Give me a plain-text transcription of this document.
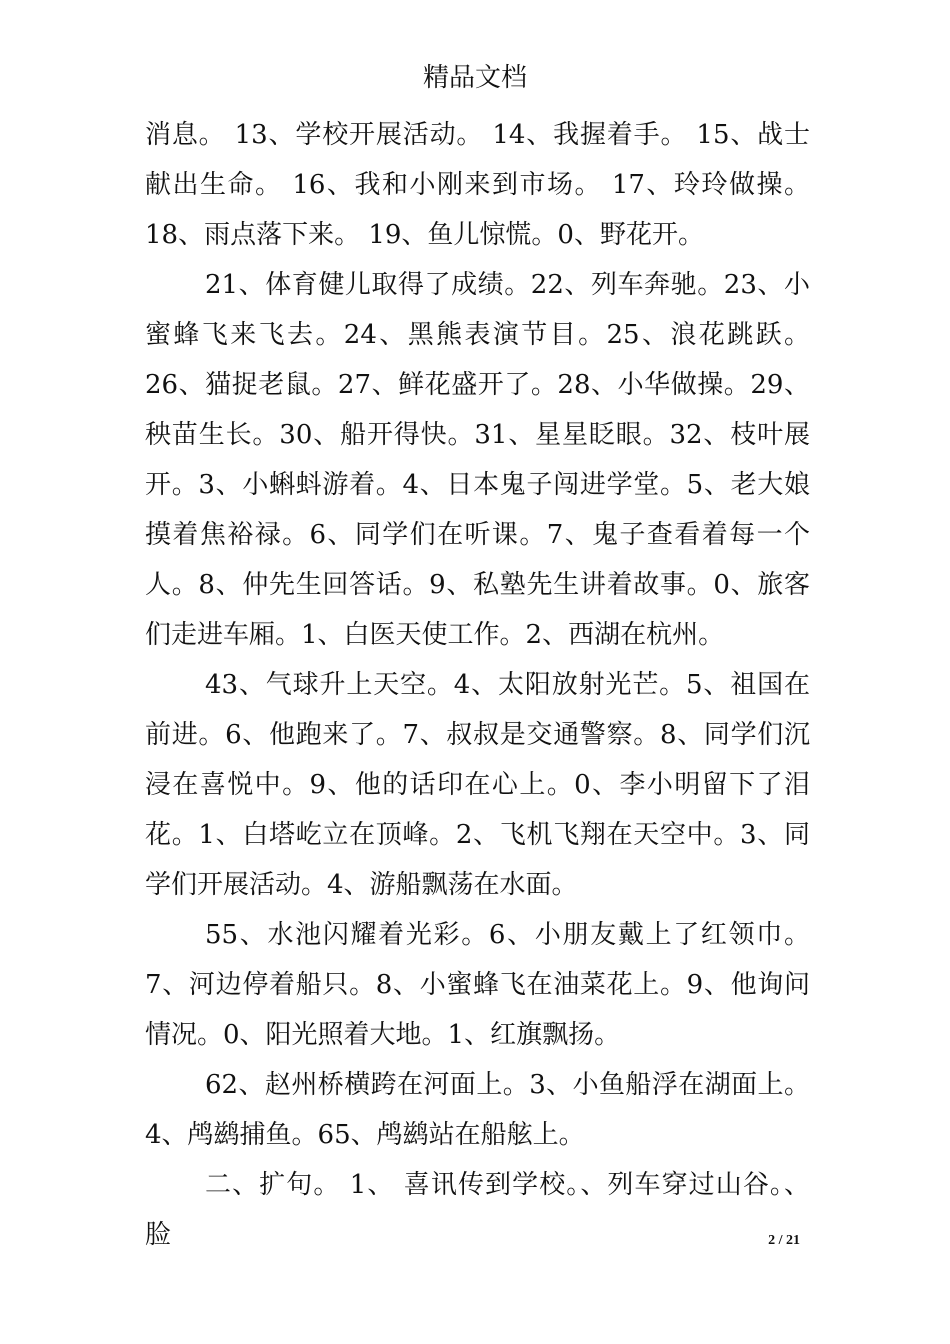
精品文档

消息。 13、学校开展活动。 14、我握着手。 15、战士献出生命。 16、我和小刚来到市场。 17、玲玲做操。 18、雨点落下来。 19、鱼儿惊慌。0、野花开。

21、体育健儿取得了成绩。22、列车奔驰。23、小蜜蜂飞来飞去。24、黑熊表演节目。25、浪花跳跃。26、猫捉老鼠。27、鲜花盛开了。28、小华做操。29、秧苗生长。30、船开得快。31、星星眨眼。32、枝叶展开。3、小蝌蚪游着。4、日本鬼子闯进学堂。5、老大娘摸着焦裕禄。6、同学们在听课。7、鬼子查看着每一个人。8、仲先生回答话。9、私塾先生讲着故事。0、旅客们走进车厢。1、白医天使工作。2、西湖在杭州。

43、气球升上天空。4、太阳放射光芒。5、祖国在前进。6、他跑来了。7、叔叔是交通警察。8、同学们沉浸在喜悦中。9、他的话印在心上。0、李小明留下了泪花。1、白塔屹立在顶峰。2、飞机飞翔在天空中。3、同学们开展活动。4、游船飘荡在水面。

55、水池闪耀着光彩。6、小朋友戴上了红领巾。7、河边停着船只。8、小蜜蜂飞在油菜花上。9、他询问情况。0、阳光照着大地。1、红旗飘扬。

62、赵州桥横跨在河面上。3、小鱼船浮在湖面上。4、鸬鹚捕鱼。65、鸬鹚站在船舷上。

二、扩句。 1、 喜讯传到学校。、列车穿过山谷。、脸	2 / 21
